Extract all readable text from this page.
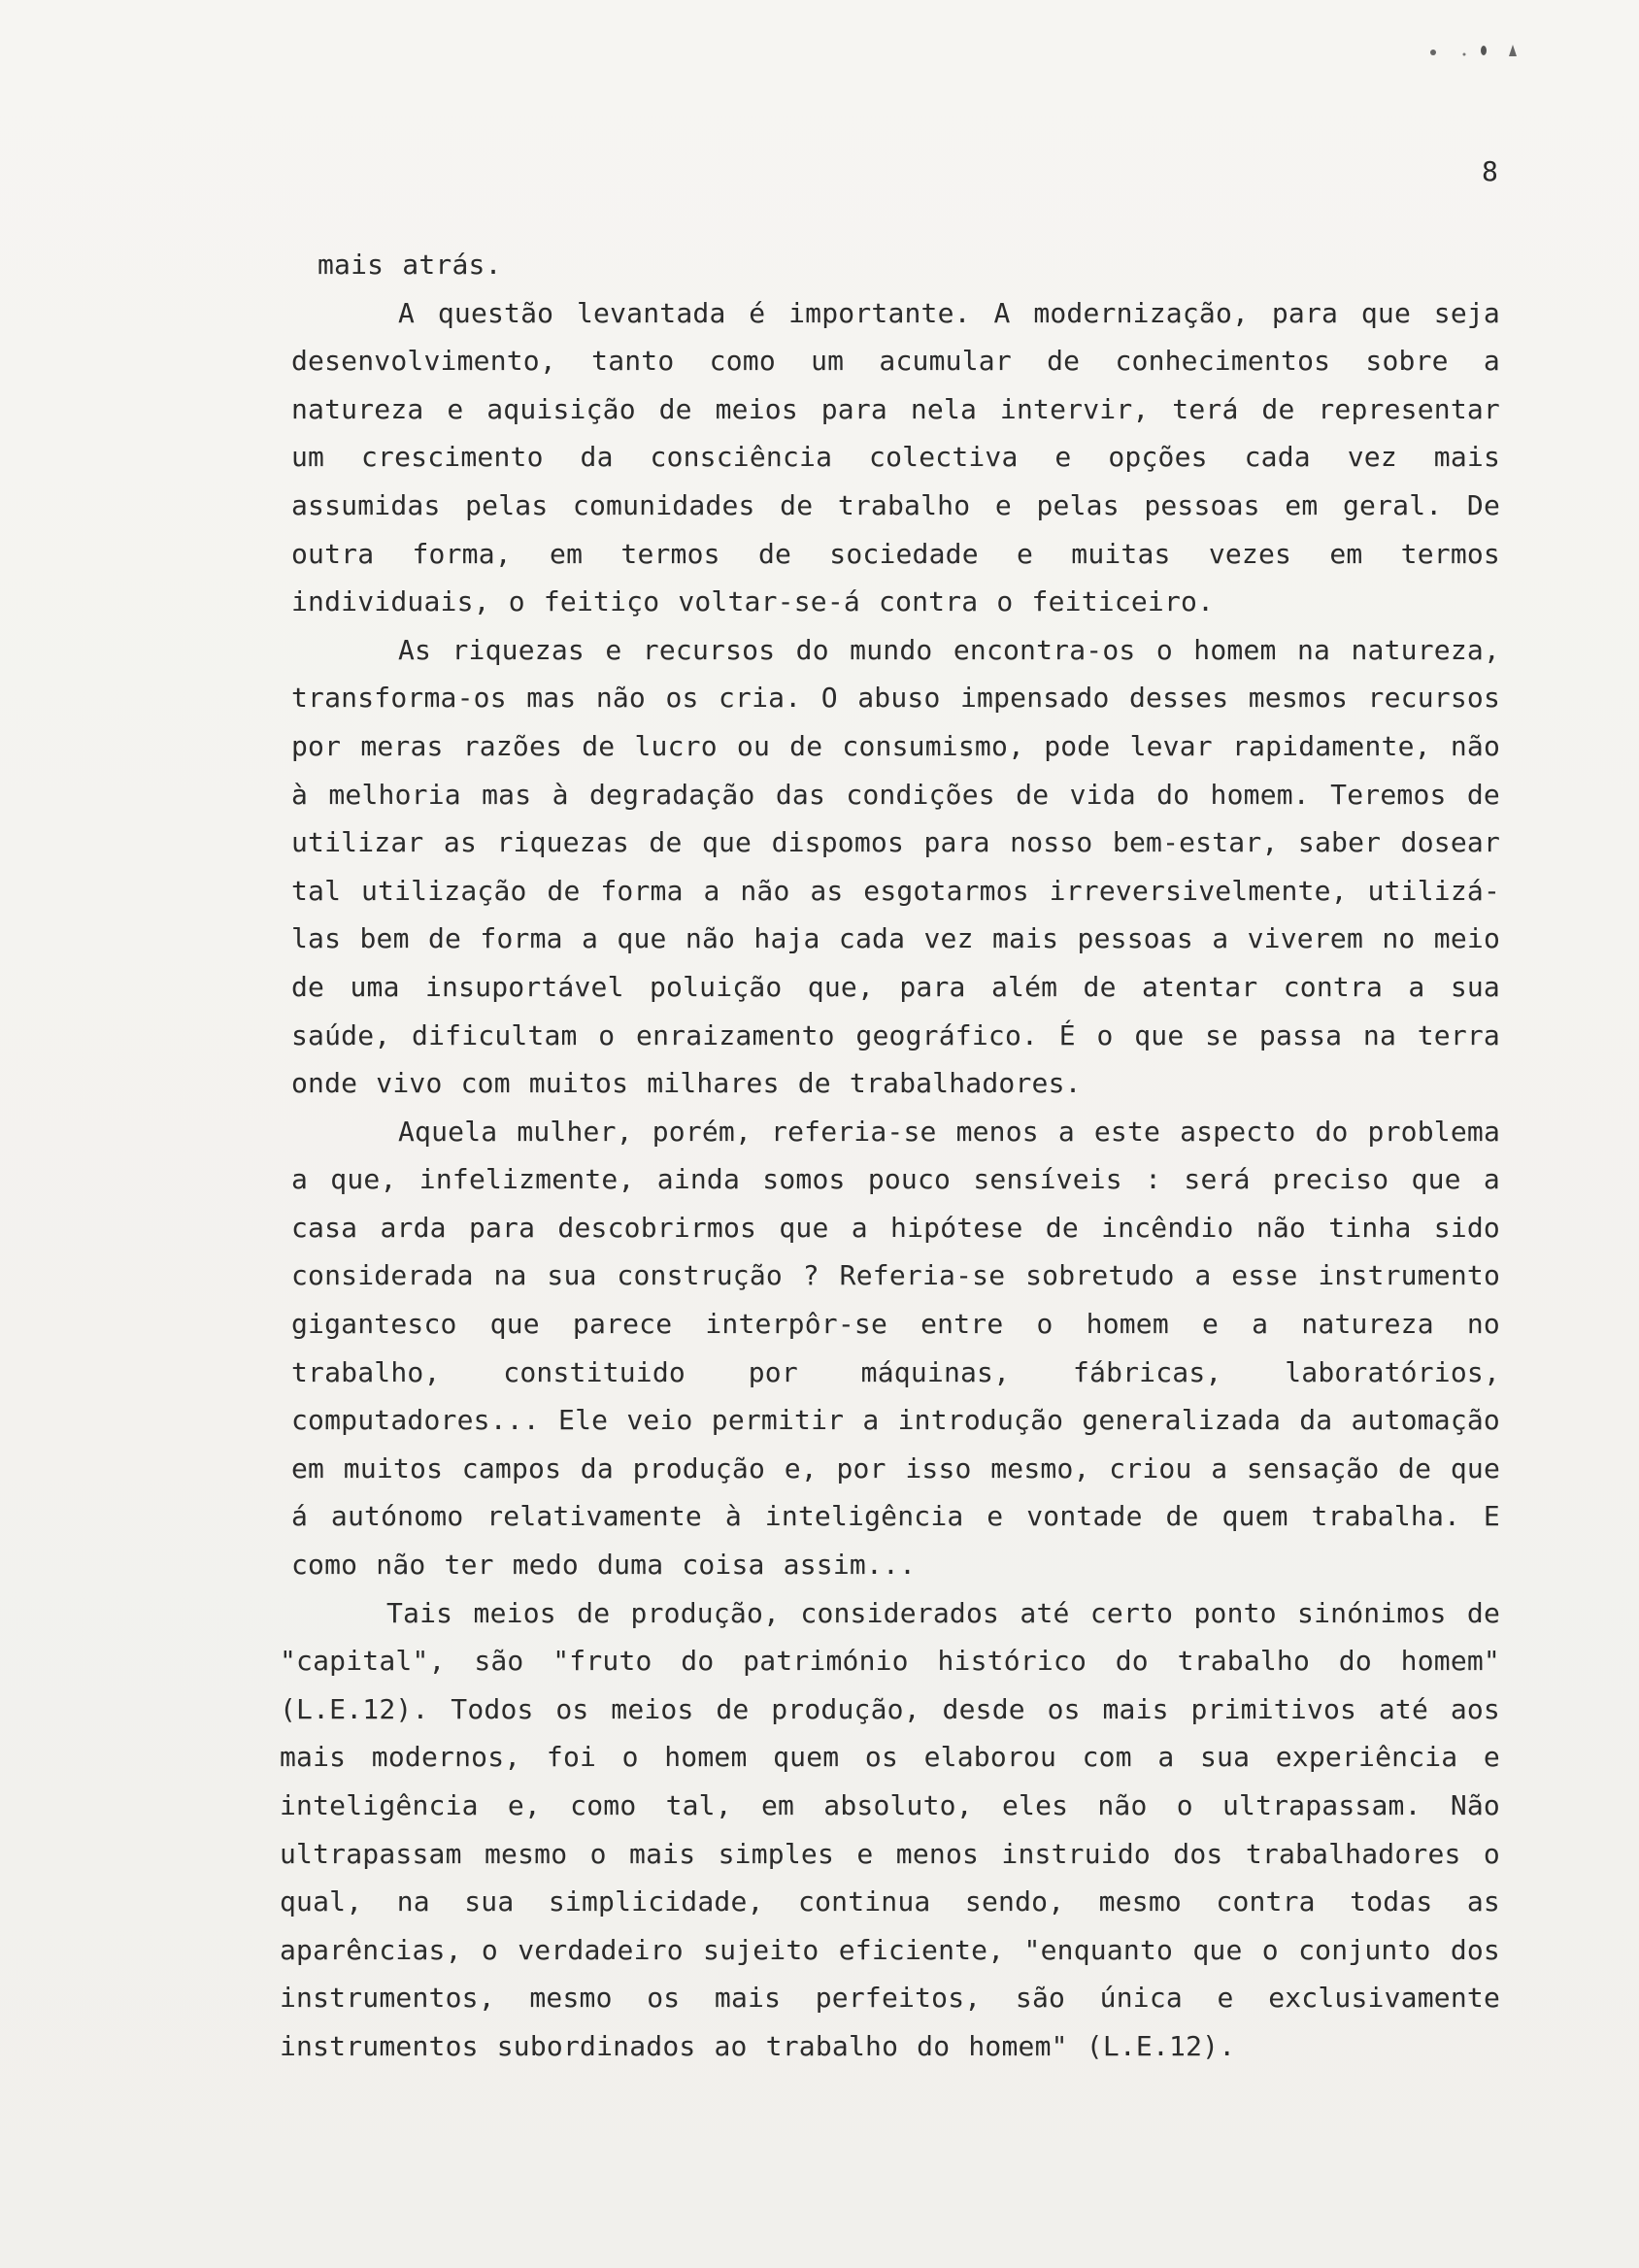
8

mais atrás.

A questão levantada é importante. A modernização, para que seja desenvolvimento, tanto como um acumular de conhecimentos sobre a natureza e aquisição de meios para nela intervir, terá de representar um crescimento da consciência colectiva e opções cada vez mais assumidas pelas comunidades de trabalho e pelas pessoas em geral. De outra forma, em termos de sociedade e muitas vezes em termos individuais, o feitiço voltar-se-á contra o feiticeiro.

As riquezas e recursos do mundo encontra-os o homem na natureza, transforma-os mas não os cria. O abuso impensado desses mesmos recursos por meras razões de lucro ou de consumismo, pode levar rapidamente, não à melhoria mas à degradação das condições de vida do homem. Teremos de utilizar as riquezas de que dispomos para nosso bem-estar, saber dosear tal utilização de forma a não as esgotarmos irreversivelmente, utilizá-las bem de forma a que não haja cada vez mais pessoas a viverem no meio de uma insuportável poluição que, para além de atentar contra a sua saúde, dificultam o enraizamento geográfico. É o que se passa na terra onde vivo com muitos milhares de trabalhadores.

Aquela mulher, porém, referia-se menos a este aspecto do problema a que, infelizmente, ainda somos pouco sensíveis : será preciso que a casa arda para descobrirmos que a hipótese de incêndio não tinha sido considerada na sua construção ? Referia-se sobretudo a esse instrumento gigantesco que parece interpôr-se entre o homem e a natureza no trabalho, constituido por máquinas, fábricas, laboratórios, computadores... Ele veio permitir a introdução generalizada da automação em muitos campos da produção e, por isso mesmo, criou a sensação de que á autónomo relativamente à inteligência e vontade de quem trabalha. E como não ter medo duma coisa assim...

Tais meios de produção, considerados até certo ponto sinónimos de "capital", são "fruto do património histórico do trabalho do homem" (L.E.12). Todos os meios de produção, desde os mais primitivos até aos mais modernos, foi o homem quem os elaborou com a sua experiência e inteligência e, como tal, em absoluto, eles não o ultrapassam. Não ultrapassam mesmo o mais simples e menos instruido dos trabalhadores o qual, na sua simplicidade, continua sendo, mesmo contra todas as aparências, o verdadeiro sujeito eficiente, "enquanto que o conjunto dos instrumentos, mesmo os mais perfeitos, são única e exclusivamente instrumentos subordinados ao trabalho do homem" (L.E.12).
